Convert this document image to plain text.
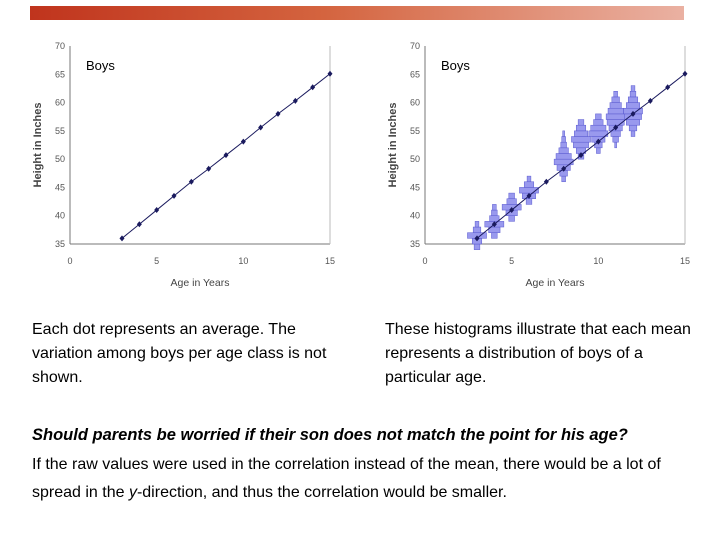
35
40
45
50
55
60
65
70
0	5	10	15
Age in Years
Height in Inches
Boys
35
40
45
50
55
60
65
70
0	5	10	15
Age in Years
Height in Inches
Boys

Each dot represents an average. The variation among boys per age class is not shown.

These histograms illustrate that each mean represents a distribution of boys of a particular age.

Should parents be worried if their son does not match the point for his age?

If the raw values were used in the correlation instead of the mean, there would be a lot of spread in the y-direction, and thus the correlation would be smaller.
